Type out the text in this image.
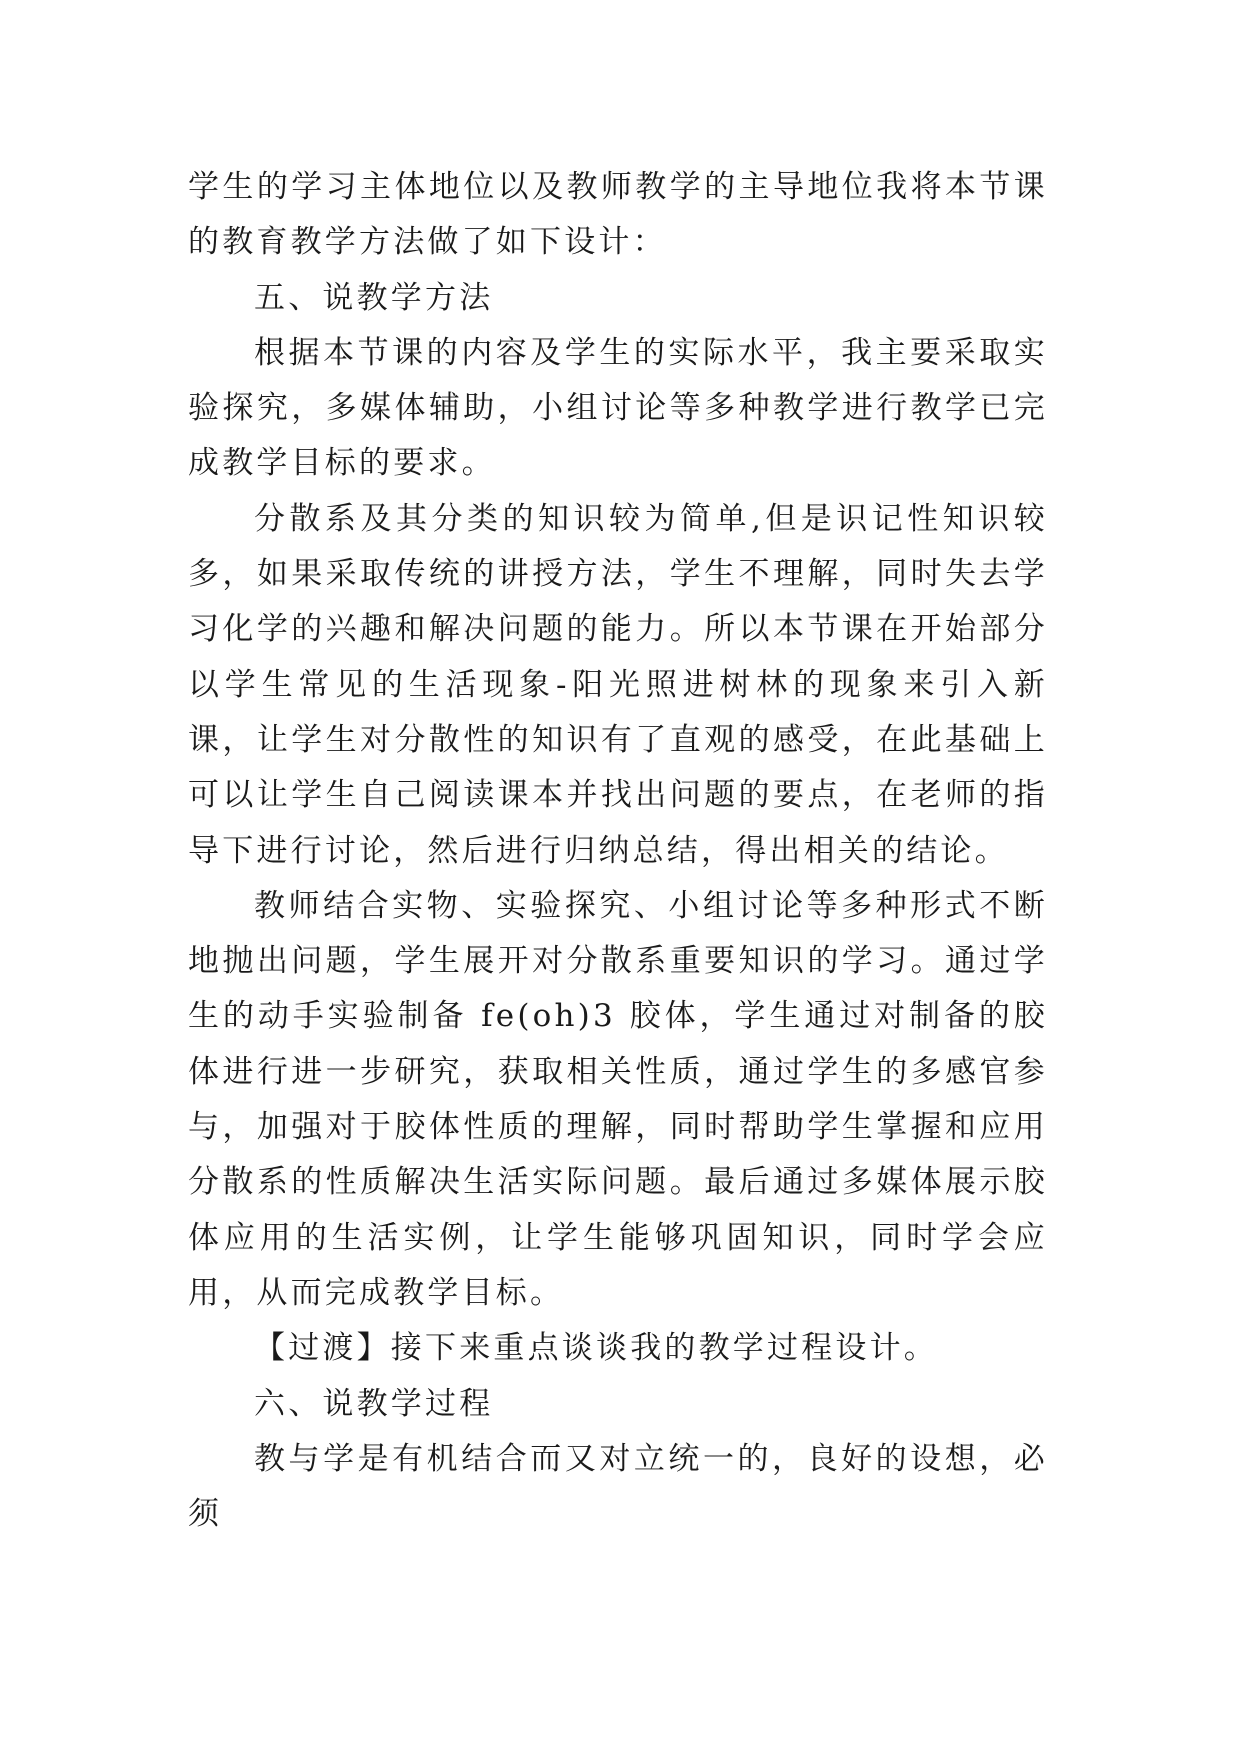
学生的学习主体地位以及教师教学的主导地位我将本节课的教育教学方法做了如下设计：

五、说教学方法

根据本节课的内容及学生的实际水平，我主要采取实验探究，多媒体辅助，小组讨论等多种教学进行教学已完成教学目标的要求。

分散系及其分类的知识较为简单,但是识记性知识较多，如果采取传统的讲授方法，学生不理解，同时失去学习化学的兴趣和解决问题的能力。所以本节课在开始部分以学生常见的生活现象-阳光照进树林的现象来引入新课，让学生对分散性的知识有了直观的感受，在此基础上可以让学生自己阅读课本并找出问题的要点，在老师的指导下进行讨论，然后进行归纳总结，得出相关的结论。

教师结合实物、实验探究、小组讨论等多种形式不断地抛出问题，学生展开对分散系重要知识的学习。通过学生的动手实验制备 fe(oh)3 胶体，学生通过对制备的胶体进行进一步研究，获取相关性质，通过学生的多感官参与，加强对于胶体性质的理解，同时帮助学生掌握和应用分散系的性质解决生活实际问题。最后通过多媒体展示胶体应用的生活实例，让学生能够巩固知识，同时学会应用，从而完成教学目标。

【过渡】接下来重点谈谈我的教学过程设计。

六、说教学过程

教与学是有机结合而又对立统一的，良好的设想，必须
